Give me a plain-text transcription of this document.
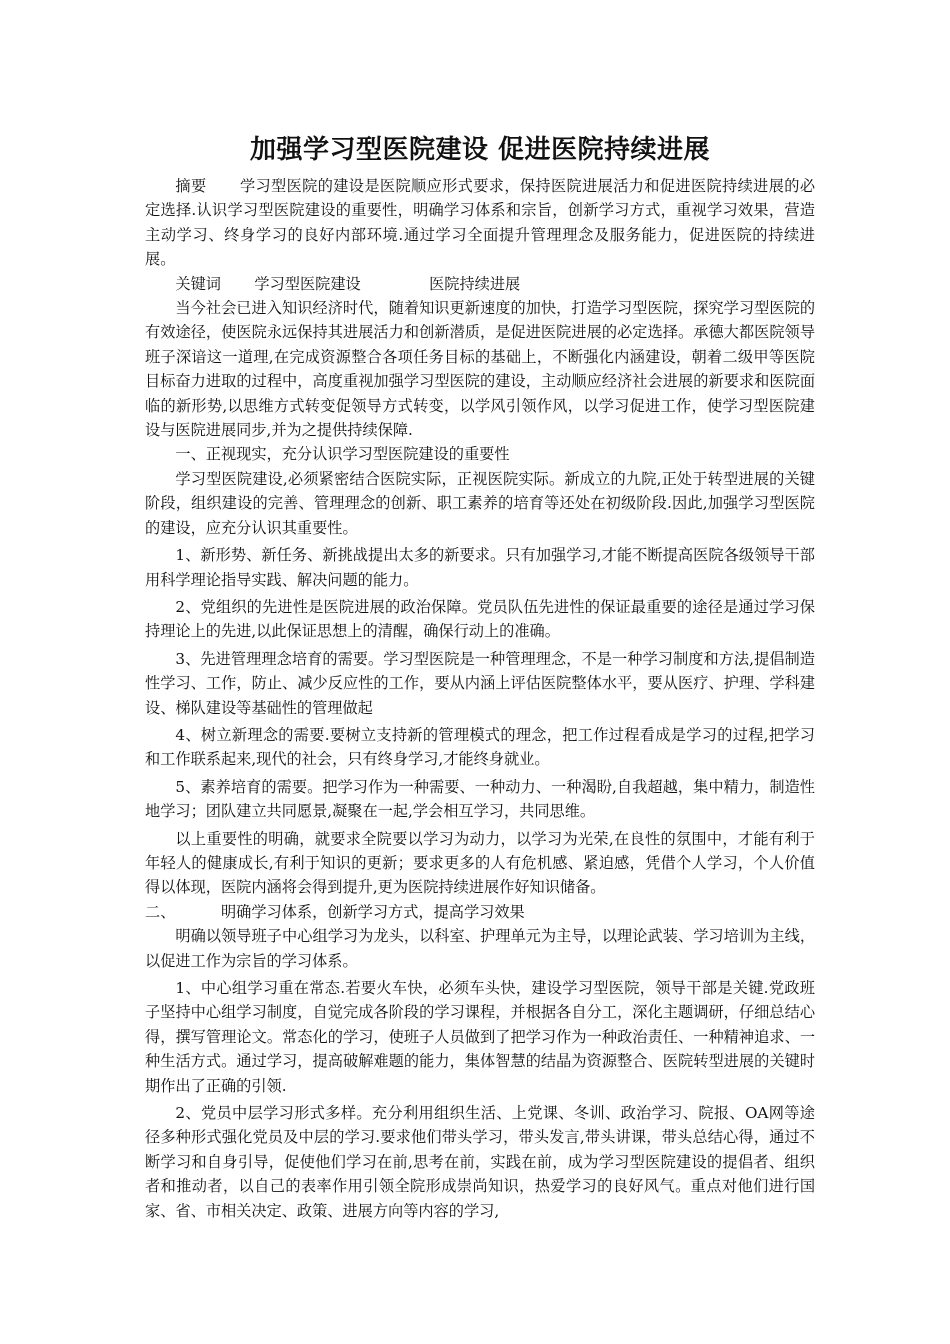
加强学习型医院建设 促进医院持续进展

摘要 学习型医院的建设是医院顺应形式要求，保持医院进展活力和促进医院持续进展的必定选择.认识学习型医院建设的重要性，明确学习体系和宗旨，创新学习方式，重视学习效果，营造主动学习、终身学习的良好内部环境.通过学习全面提升管理理念及服务能力，促进医院的持续进展。

关键词 学习型医院建设	医院持续进展

当今社会已进入知识经济时代，随着知识更新速度的加快，打造学习型医院，探究学习型医院的有效途径，使医院永远保持其进展活力和创新潜质，是促进医院进展的必定选择。承德大都医院领导班子深谙这一道理,在完成资源整合各项任务目标的基础上，不断强化内涵建设，朝着二级甲等医院目标奋力进取的过程中，高度重视加强学习型医院的建设，主动顺应经济社会进展的新要求和医院面临的新形势,以思维方式转变促领导方式转变，以学风引领作风，以学习促进工作，使学习型医院建设与医院进展同步,并为之提供持续保障.

一、正视现实，充分认识学习型医院建设的重要性

学习型医院建设,必须紧密结合医院实际，正视医院实际。新成立的九院,正处于转型进展的关键阶段，组织建设的完善、管理理念的创新、职工素养的培育等还处在初级阶段.因此,加强学习型医院的建设，应充分认识其重要性。

1、新形势、新任务、新挑战提出太多的新要求。只有加强学习,才能不断提高医院各级领导干部用科学理论指导实践、解决问题的能力。

2、党组织的先进性是医院进展的政治保障。党员队伍先进性的保证最重要的途径是通过学习保持理论上的先进,以此保证思想上的清醒，确保行动上的准确。

3、先进管理理念培育的需要。学习型医院是一种管理理念，不是一种学习制度和方法,提倡制造性学习、工作，防止、减少反应性的工作，要从内涵上评估医院整体水平，要从医疗、护理、学科建设、梯队建设等基础性的管理做起

4、树立新理念的需要.要树立支持新的管理模式的理念，把工作过程看成是学习的过程,把学习和工作联系起来,现代的社会，只有终身学习,才能终身就业。

5、素养培育的需要。把学习作为一种需要、一种动力、一种渴盼,自我超越，集中精力，制造性地学习；团队建立共同愿景,凝聚在一起,学会相互学习，共同思维。

以上重要性的明确，就要求全院要以学习为动力，以学习为光荣,在良性的氛围中，才能有利于年轻人的健康成长,有利于知识的更新；要求更多的人有危机感、紧迫感，凭借个人学习，个人价值得以体现，医院内涵将会得到提升,更为医院持续进展作好知识储备。

二、	明确学习体系，创新学习方式，提高学习效果

明确以领导班子中心组学习为龙头，以科室、护理单元为主导，以理论武装、学习培训为主线，以促进工作为宗旨的学习体系。

1、中心组学习重在常态.若要火车快，必须车头快，建设学习型医院，领导干部是关键.党政班子坚持中心组学习制度，自觉完成各阶段的学习课程，并根据各自分工，深化主题调研，仔细总结心得，撰写管理论文。常态化的学习，使班子人员做到了把学习作为一种政治责任、一种精神追求、一种生活方式。通过学习，提高破解难题的能力，集体智慧的结晶为资源整合、医院转型进展的关键时期作出了正确的引领.

2、党员中层学习形式多样。充分利用组织生活、上党课、冬训、政治学习、院报、OA网等途径多种形式强化党员及中层的学习.要求他们带头学习，带头发言,带头讲课，带头总结心得，通过不断学习和自身引导，促使他们学习在前,思考在前，实践在前，成为学习型医院建设的提倡者、组织者和推动者，以自己的表率作用引领全院形成崇尚知识，热爱学习的良好风气。重点对他们进行国家、省、市相关决定、政策、进展方向等内容的学习,
